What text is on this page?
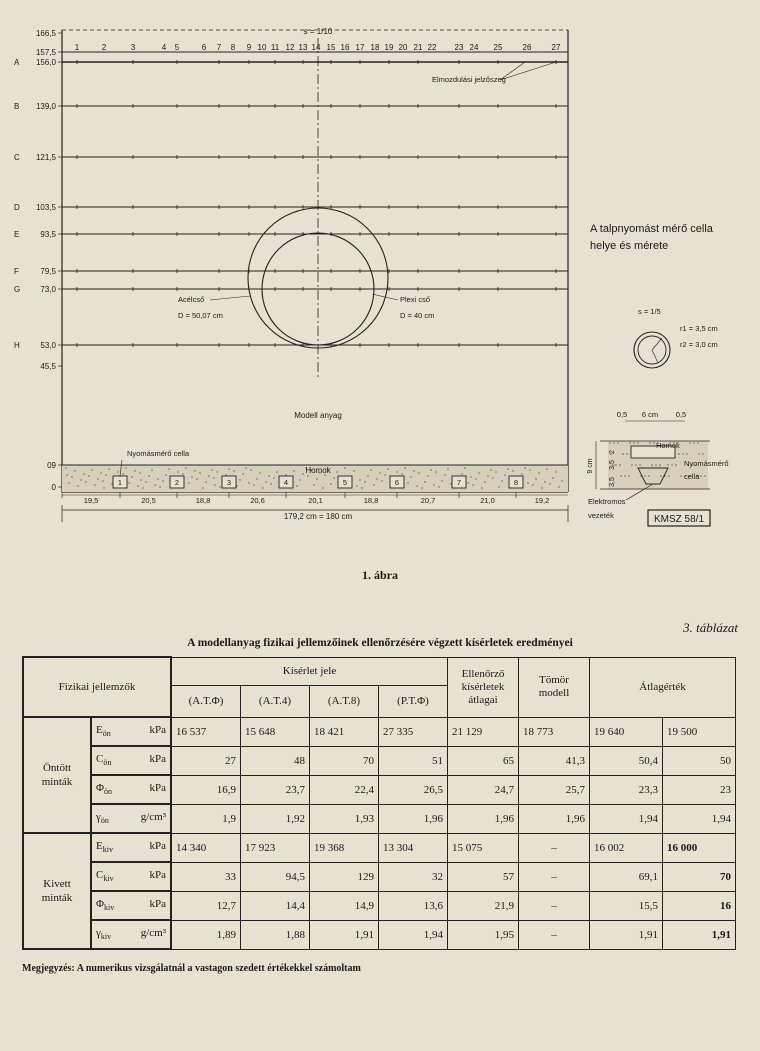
s = 1/10
1	2	3	4 5	6 7 8 9 10 11 12 13 14 15 16 17 18 19 20 21 22 23 24 25	26	27
166,5
157,5
A 156,0
B 139,0
C 121,5
D 103,5
E	93,5
F	79,5
G	73,0
H	53,0
45,5
09
0
Elmozdulási jelzőszeg
Acélcső
D = 50,07 cm
Plexi cső
D = 40 cm
Modell anyag
Homok
Nyomásmérő cella
1	2	3	4	5	6	7	8
19,5	20,5	18,8	20,6	20,1	18,8	20,7	21,0	19,2
179,2 cm = 180 cm
A talpnyomást mérő cella
helye és mérete
s = 1/5
r1 = 3,5 cm
r2 = 3,0 cm
0,5 6 cm 0,5
Homok
Nyomásmérő
cella
Elektromos
vezeték
9 cm
2
3,5
3,5
KMSZ 58/1
1. ábra
3. táblázat
A modellanyag fizikai jellemzőinek ellenőrzésére végzett kísérletek eredményei
Fizikai jellemzők		Kísérlet jele				Ellenőrző kísérletek átlagai	Tömör modell	Átlagérték	
		(A.T.Φ)	(A.T.4)	(A.T.8)	(P.T.Φ)				
Öntött minták	$E_{ön}$ kPa	16 537	15 648	18 421	27 335	21 129	18 773	19 640	19 500
	$C_{ön}$ kPa	27	48	70	51	65	41,3	50,4	50
	$\Phi_{ön}$ kPa	16,9	23,7	22,4	26,5	24,7	25,7	23,3	23
	$\gamma_{ön}$ g/cm³	1,9	1,92	1,93	1,96	1,96	1,96	1,94	1,94
Kivett minták	$E_{kiv}$ kPa	14 340	17 923	19 368	13 304	15 075	–	16 002	16 000
	$C_{kiv}$ kPa	33	94,5	129	32	57	–	69,1	70
	$\Phi_{kiv}$ kPa	12,7	14,4	14,9	13,6	21,9	–	15,5	16
	$\gamma_{kiv}$ g/cm³	1,89	1,88	1,91	1,94	1,95	–	1,91	1,91
Megjegyzés: A numerikus vizsgálatnál a vastagon szedett értékekkel számoltam
